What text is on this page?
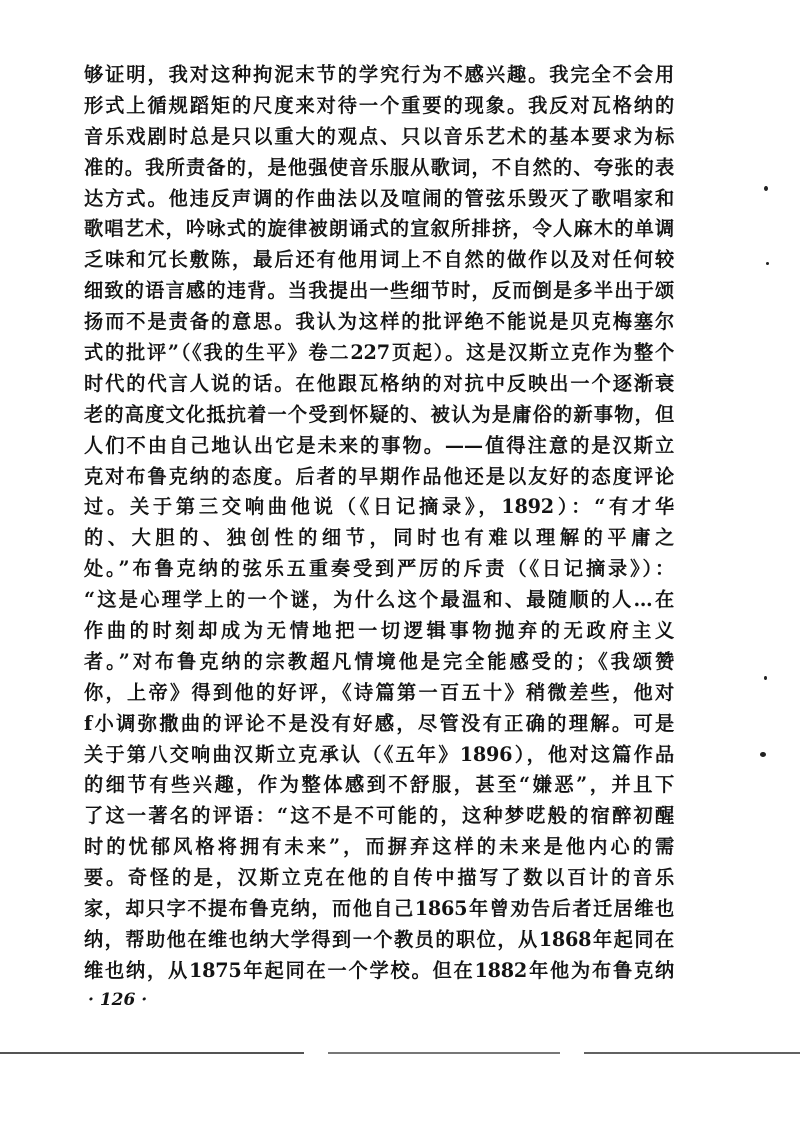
够证明，我对这种拘泥末节的学究行为不感兴趣。我完全不会用
形式上循规蹈矩的尺度来对待一个重要的现象。我反对瓦格纳的
音乐戏剧时总是只以重大的观点、只以音乐艺术的基本要求为标
准的。我所责备的，是他强使音乐服从歌词，不自然的、夸张的表
达方式。他违反声调的作曲法以及喧闹的管弦乐毁灭了歌唱家和
歌唱艺术，吟咏式的旋律被朗诵式的宣叙所排挤，令人麻木的单调
乏味和冗长敷陈，最后还有他用词上不自然的做作以及对任何较
细致的语言感的违背。当我提出一些细节时，反而倒是多半出于颂
扬而不是责备的意思。我认为这样的批评绝不能说是贝克梅塞尔
式的批评”（《我的生平》卷二227页起）。这是汉斯立克作为整个
时代的代言人说的话。在他跟瓦格纳的对抗中反映出一个逐渐衰
老的高度文化抵抗着一个受到怀疑的、被认为是庸俗的新事物，但
人们不由自己地认出它是未来的事物。——值得注意的是汉斯立
克对布鲁克纳的态度。后者的早期作品他还是以友好的态度评论
过。关于第三交响曲他说（《日记摘录》，1892）：“有才华
的、大胆的、独创性的细节，同时也有难以理解的平庸之
处。”布鲁克纳的弦乐五重奏受到严厉的斥责（《日记摘录》）：
“这是心理学上的一个谜，为什么这个最温和、最随顺的人…在
作曲的时刻却成为无情地把一切逻辑事物抛弃的无政府主义
者。”对布鲁克纳的宗教超凡情境他是完全能感受的；《我颂赞
你，上帝》得到他的好评，《诗篇第一百五十》稍微差些，他对
f小调弥撒曲的评论不是没有好感，尽管没有正确的理解。可是
关于第八交响曲汉斯立克承认（《五年》1896），他对这篇作品
的细节有些兴趣，作为整体感到不舒服，甚至“嫌恶”，并且下
了这一著名的评语：“这不是不可能的，这种梦呓般的宿醉初醒
时的忧郁风格将拥有未来”，而摒弃这样的未来是他内心的需
要。奇怪的是，汉斯立克在他的自传中描写了数以百计的音乐
家，却只字不提布鲁克纳，而他自己1865年曾劝告后者迁居维也
纳，帮助他在维也纳大学得到一个教员的职位，从1868年起同在
维也纳，从1875年起同在一个学校。但在1882年他为布鲁克纳
· 126 ·
